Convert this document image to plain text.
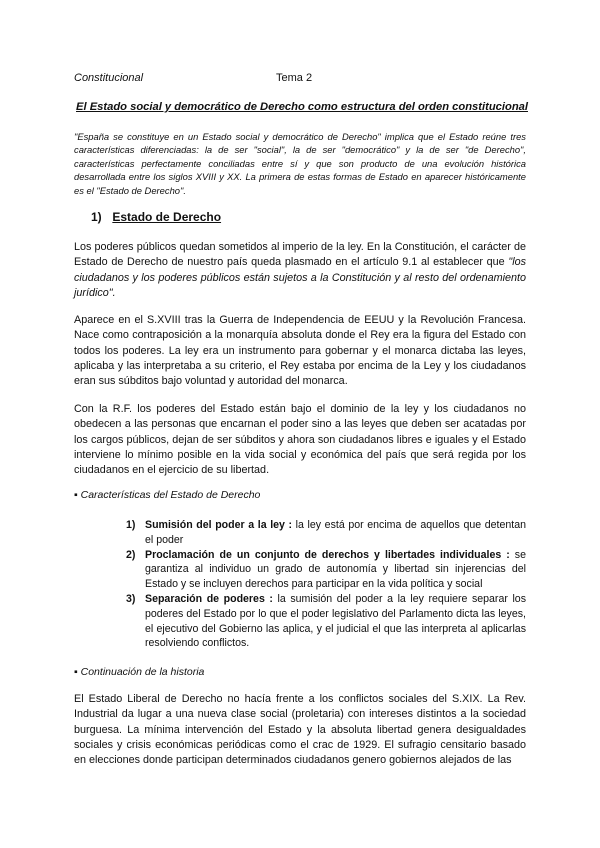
Constitucional	Tema 2
El Estado social y democrático de Derecho como estructura del orden constitucional
"España se constituye en un Estado social y democrático de Derecho" implica que el Estado reúne tres características diferenciadas: la de ser "social", la de ser "democrático" y la de ser "de Derecho", características perfectamente conciliadas entre sí y que son producto de una evolución histórica desarrollada entre los siglos XVIII y XX. La primera de estas formas de Estado en aparecer históricamente es el "Estado de Derecho".
1) Estado de Derecho
Los poderes públicos quedan sometidos al imperio de la ley. En la Constitución, el carácter de Estado de Derecho de nuestro país queda plasmado en el artículo 9.1 al establecer que "los ciudadanos y los poderes públicos están sujetos a la Constitución y al resto del ordenamiento jurídico".
Aparece en el S.XVIII tras la Guerra de Independencia de EEUU y la Revolución Francesa. Nace como contraposición a la monarquía absoluta donde el Rey era la figura del Estado con todos los poderes. La ley era un instrumento para gobernar y el monarca dictaba las leyes, aplicaba y las interpretaba a su criterio, el Rey estaba por encima de la Ley y los ciudadanos eran sus súbditos bajo voluntad y autoridad del monarca.
Con la R.F. los poderes del Estado están bajo el dominio de la ley y los ciudadanos no obedecen a las personas que encarnan el poder sino a las leyes que deben ser acatadas por los cargos públicos, dejan de ser súbditos y ahora son ciudadanos libres e iguales y el Estado interviene lo mínimo posible en la vida social y económica del país que será regida por los ciudadanos en el ejercicio de su libertad.
▪ Características del Estado de Derecho
1) Sumisión del poder a la ley : la ley está por encima de aquellos que detentan el poder
2) Proclamación de un conjunto de derechos y libertades individuales : se garantiza al individuo un grado de autonomía y libertad sin injerencias del Estado y se incluyen derechos para participar en la vida política y social
3) Separación de poderes : la sumisión del poder a la ley requiere separar los poderes del Estado por lo que el poder legislativo del Parlamento dicta las leyes, el ejecutivo del Gobierno las aplica, y el judicial el que las interpreta al aplicarlas resolviendo conflictos.
▪ Continuación de la historia
El Estado Liberal de Derecho no hacía frente a los conflictos sociales del S.XIX. La Rev. Industrial da lugar a una nueva clase social (proletaria) con intereses distintos a la sociedad burguesa. La mínima intervención del Estado y la absoluta libertad genera desigualdades sociales y crisis económicas periódicas como el crac de 1929. El sufragio censitario basado en elecciones donde participan determinados ciudadanos genero gobiernos alejados de las
